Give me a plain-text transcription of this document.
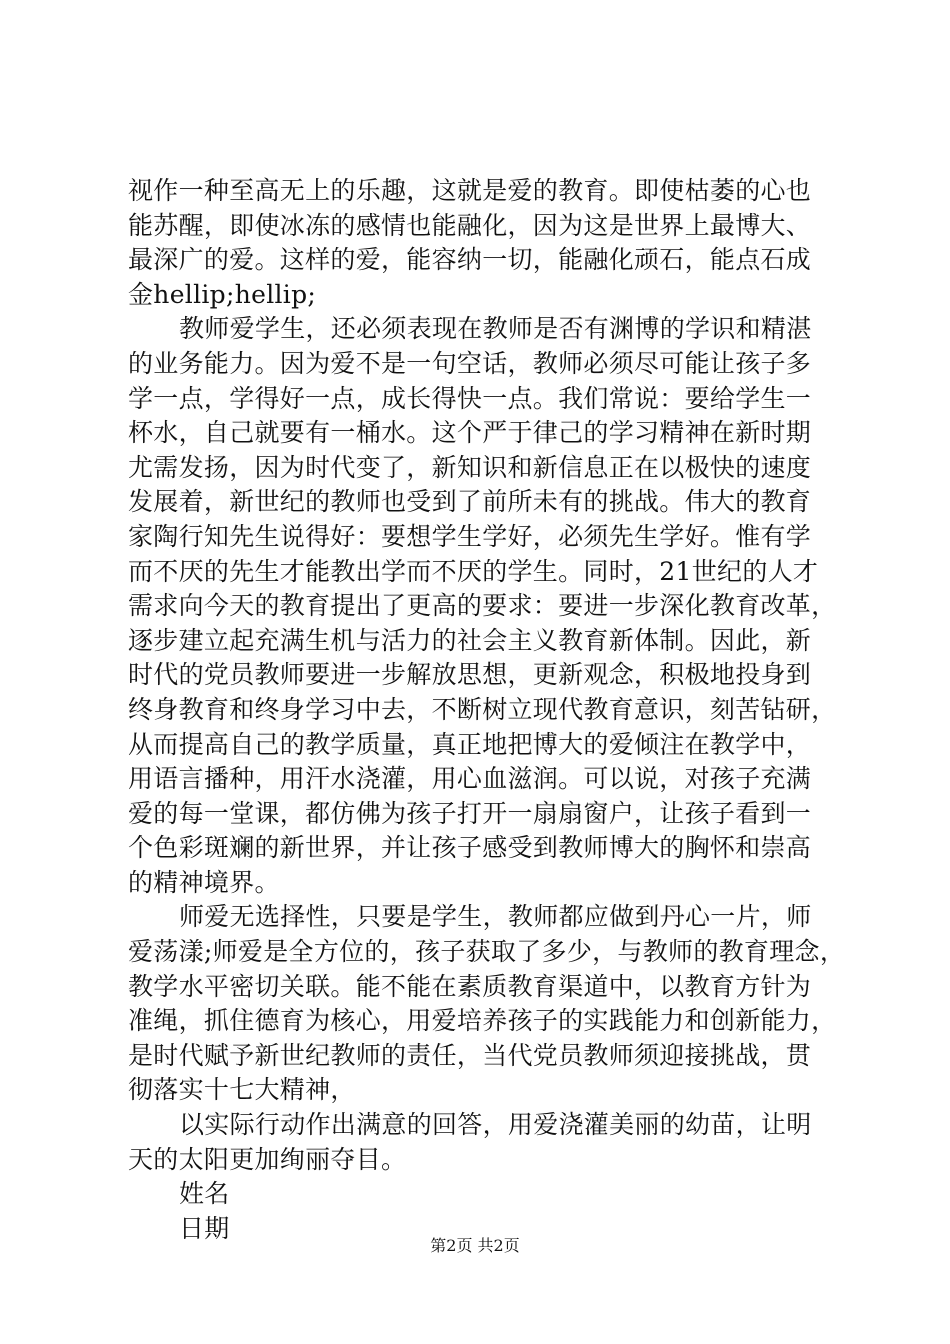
视作一种至高无上的乐趣，这就是爱的教育。即使枯萎的心也
能苏醒，即使冰冻的感情也能融化，因为这是世界上最博大、
最深广的爱。这样的爱，能容纳一切，能融化顽石，能点石成
金hellip;hellip;
教师爱学生，还必须表现在教师是否有渊博的学识和精湛
的业务能力。因为爱不是一句空话，教师必须尽可能让孩子多
学一点，学得好一点，成长得快一点。我们常说：要给学生一
杯水，自己就要有一桶水。这个严于律己的学习精神在新时期
尤需发扬，因为时代变了，新知识和新信息正在以极快的速度
发展着，新世纪的教师也受到了前所未有的挑战。伟大的教育
家陶行知先生说得好：要想学生学好，必须先生学好。惟有学
而不厌的先生才能教出学而不厌的学生。同时，21世纪的人才
需求向今天的教育提出了更高的要求：要进一步深化教育改革，
逐步建立起充满生机与活力的社会主义教育新体制。因此，新
时代的党员教师要进一步解放思想，更新观念，积极地投身到
终身教育和终身学习中去，不断树立现代教育意识，刻苦钻研，
从而提高自己的教学质量，真正地把博大的爱倾注在教学中，
用语言播种，用汗水浇灌，用心血滋润。可以说，对孩子充满
爱的每一堂课，都仿佛为孩子打开一扇扇窗户，让孩子看到一
个色彩斑斓的新世界，并让孩子感受到教师博大的胸怀和崇高
的精神境界。
师爱无选择性，只要是学生，教师都应做到丹心一片，师
爱荡漾;师爱是全方位的，孩子获取了多少，与教师的教育理念，
教学水平密切关联。能不能在素质教育渠道中，以教育方针为
准绳，抓住德育为核心，用爱培养孩子的实践能力和创新能力，
是时代赋予新世纪教师的责任，当代党员教师须迎接挑战，贯
彻落实十七大精神，
以实际行动作出满意的回答，用爱浇灌美丽的幼苗，让明
天的太阳更加绚丽夺目。
姓名
日期
第2页 共2页
